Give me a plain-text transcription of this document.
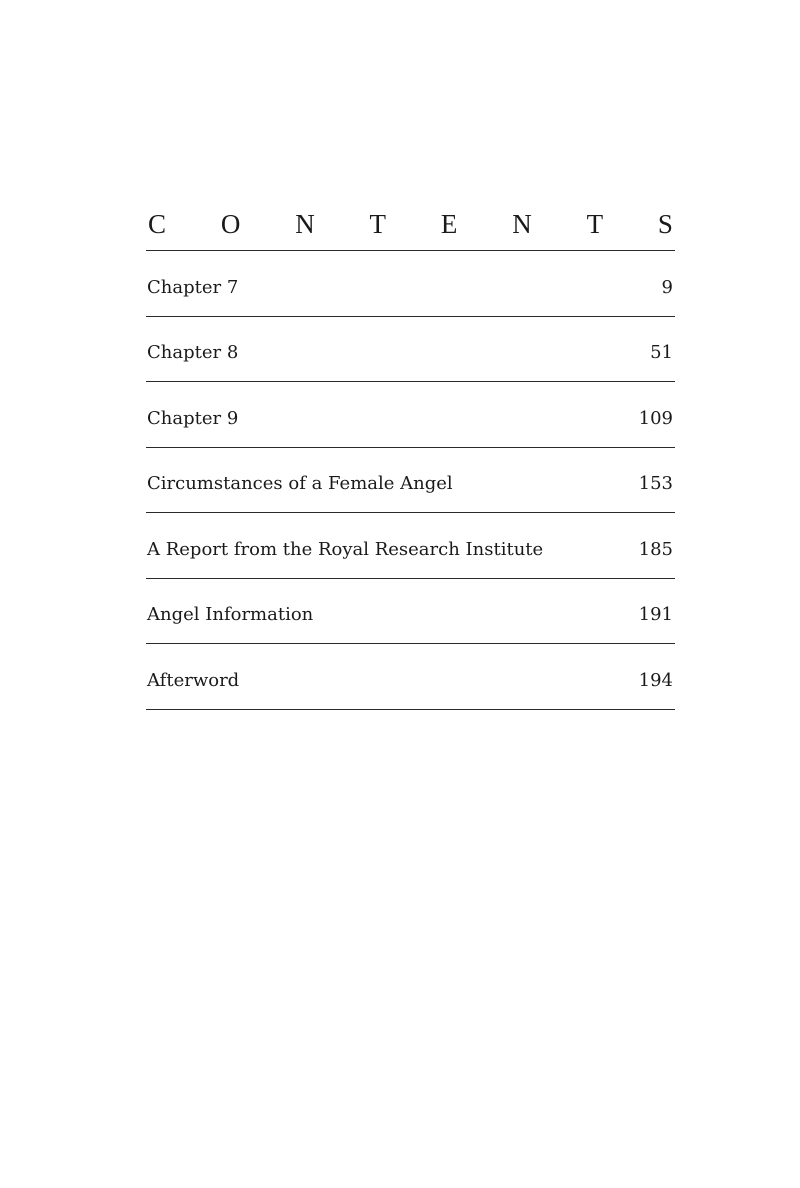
C O N T E N T S
Chapter 7	9
Chapter 8	51
Chapter 9	109
Circumstances of a Female Angel	153
A Report from the Royal Research Institute	185
Angel Information	191
Afterword	194
